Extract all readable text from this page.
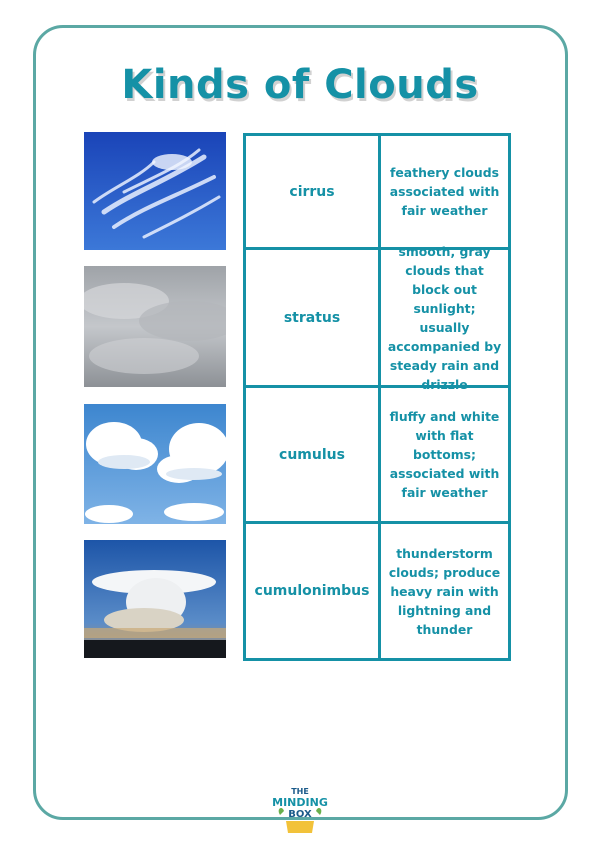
Kinds of Clouds
cirrus
feathery clouds associated with fair weather
stratus
smooth, gray clouds that block out sunlight; usually accompanied by steady rain and drizzle
cumulus
fluffy and white with flat bottoms; associated with fair weather
cumulonimbus
thunderstorm clouds; produce heavy rain with lightning and thunder
THE
MINDING
BOX
